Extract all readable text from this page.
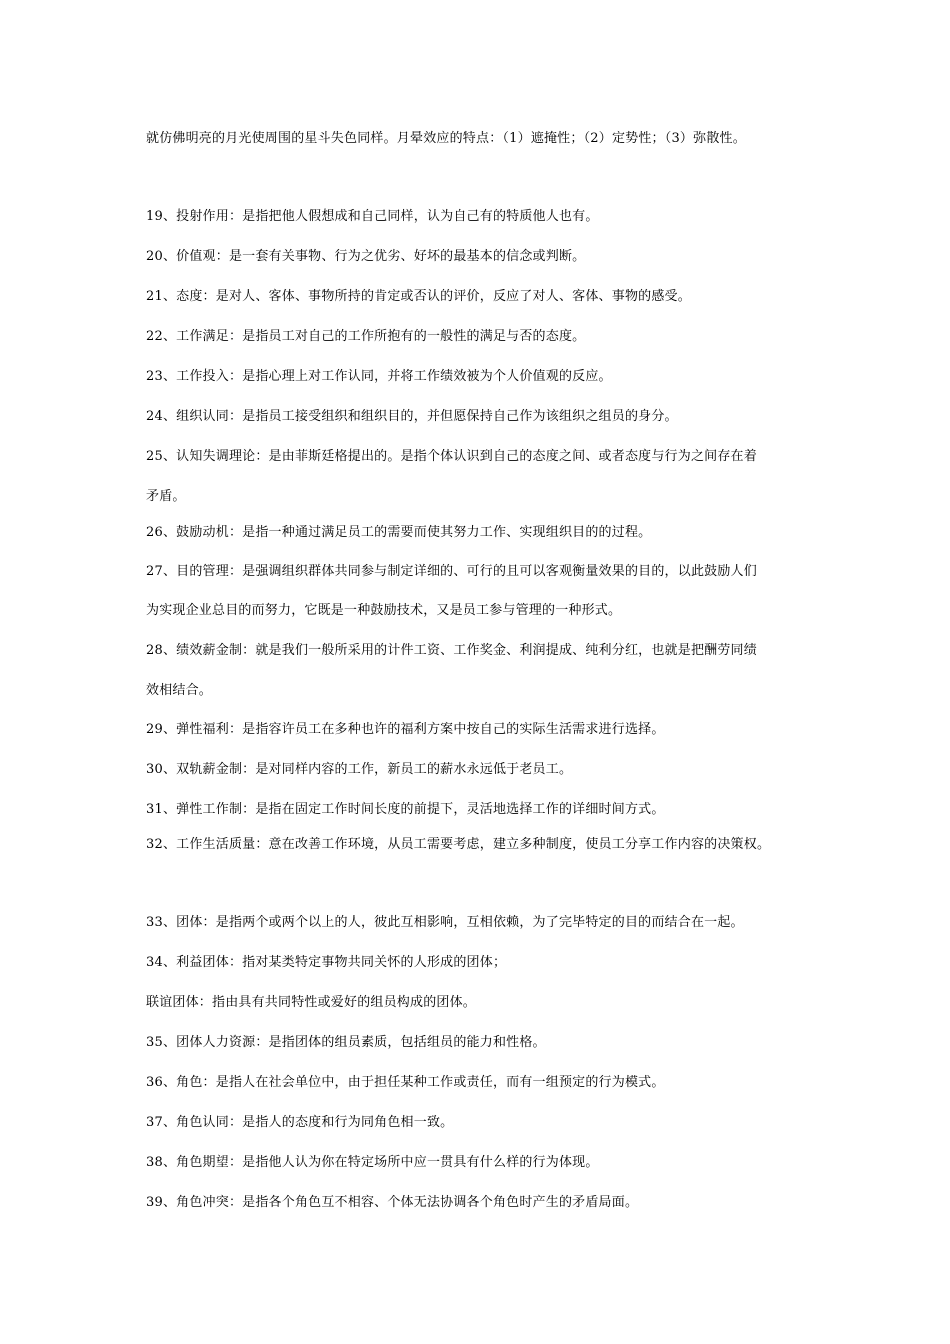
就仿佛明亮的月光使周围的星斗失色同样。月晕效应的特点：（1）遮掩性；（2）定势性；（3）弥散性。
19、投射作用：是指把他人假想成和自己同样，认为自己有的特质他人也有。
20、价值观：是一套有关事物、行为之优劣、好坏的最基本的信念或判断。
21、态度：是对人、客体、事物所持的肯定或否认的评价，反应了对人、客体、事物的感受。
22、工作满足：是指员工对自己的工作所抱有的一般性的满足与否的态度。
23、工作投入：是指心理上对工作认同，并将工作绩效被为个人价值观的反应。
24、组织认同：是指员工接受组织和组织目的，并但愿保持自己作为该组织之组员的身分。
25、认知失调理论：是由菲斯廷格提出的。是指个体认识到自己的态度之间、或者态度与行为之间存在着
矛盾。
26、鼓励动机：是指一种通过满足员工的需要而使其努力工作、实现组织目的的过程。
27、目的管理：是强调组织群体共同参与制定详细的、可行的且可以客观衡量效果的目的，以此鼓励人们
为实现企业总目的而努力，它既是一种鼓励技术，又是员工参与管理的一种形式。
28、绩效薪金制：就是我们一般所采用的计件工资、工作奖金、利润提成、纯利分红，也就是把酬劳同绩
效相结合。
29、弹性福利：是指容许员工在多种也许的福利方案中按自己的实际生活需求进行选择。
30、双轨薪金制：是对同样内容的工作，新员工的薪水永远低于老员工。
31、弹性工作制：是指在固定工作时间长度的前提下，灵活地选择工作的详细时间方式。
32、工作生活质量：意在改善工作环境，从员工需要考虑，建立多种制度，使员工分享工作内容的决策权。
33、团体：是指两个或两个以上的人，彼此互相影响，互相依赖，为了完毕特定的目的而结合在一起。
34、利益团体：指对某类特定事物共同关怀的人形成的团体；
联谊团体：指由具有共同特性或爱好的组员构成的团体。
35、团体人力资源：是指团体的组员素质，包括组员的能力和性格。
36、角色：是指人在社会单位中，由于担任某种工作或责任，而有一组预定的行为模式。
37、角色认同：是指人的态度和行为同角色相一致。
38、角色期望：是指他人认为你在特定场所中应一贯具有什么样的行为体现。
39、角色冲突：是指各个角色互不相容、个体无法协调各个角色时产生的矛盾局面。
